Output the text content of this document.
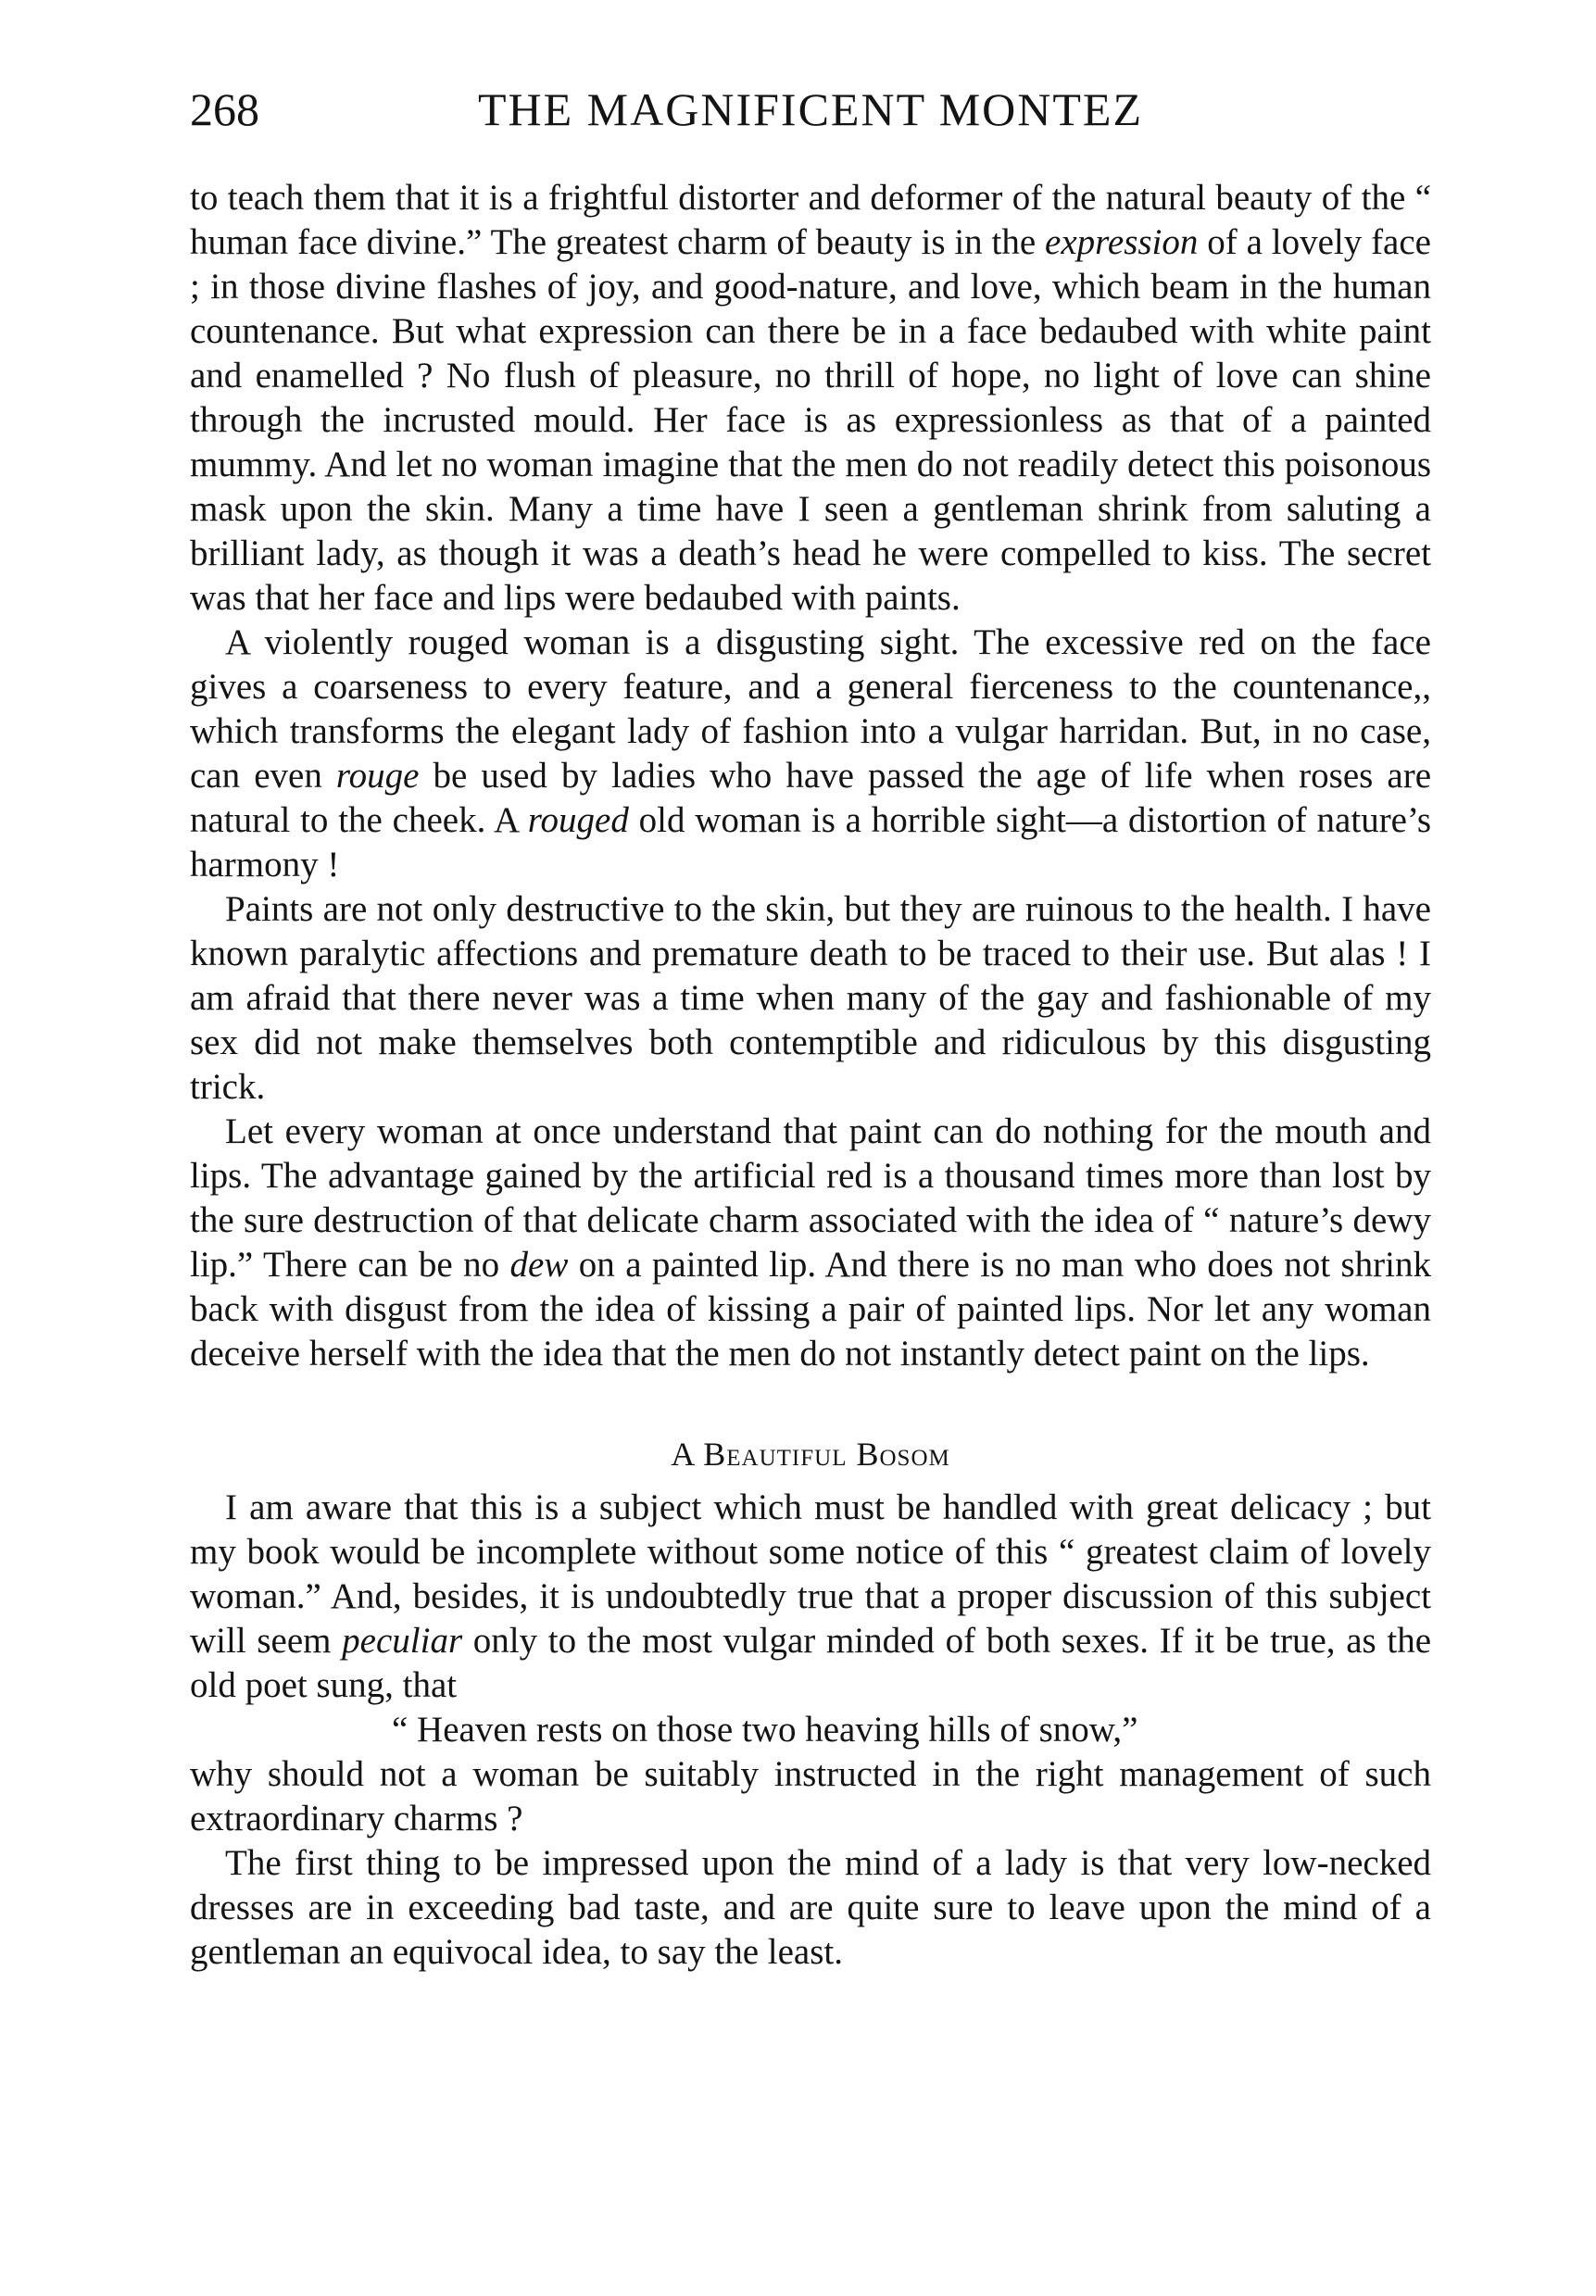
268	THE MAGNIFICENT MONTEZ

to teach them that it is a frightful distorter and deformer of the natural beauty of the “ human face divine.” The greatest charm of beauty is in the expression of a lovely face ; in those divine flashes of joy, and good-nature, and love, which beam in the human countenance. But what expression can there be in a face bedaubed with white paint and enamelled ? No flush of pleasure, no thrill of hope, no light of love can shine through the incrusted mould. Her face is as expressionless as that of a painted mummy. And let no woman imagine that the men do not readily detect this poisonous mask upon the skin. Many a time have I seen a gentleman shrink from saluting a brilliant lady, as though it was a death’s head he were compelled to kiss. The secret was that her face and lips were bedaubed with paints.

A violently rouged woman is a disgusting sight. The excessive red on the face gives a coarseness to every feature, and a general fierceness to the countenance,, which transforms the elegant lady of fashion into a vulgar harridan. But, in no case, can even rouge be used by ladies who have passed the age of life when roses are natural to the cheek. A rouged old woman is a horrible sight—a distortion of nature’s harmony !

Paints are not only destructive to the skin, but they are ruinous to the health. I have known paralytic affections and premature death to be traced to their use. But alas ! I am afraid that there never was a time when many of the gay and fashionable of my sex did not make themselves both contemptible and ridiculous by this disgusting trick.

Let every woman at once understand that paint can do nothing for the mouth and lips. The advantage gained by the artificial red is a thousand times more than lost by the sure destruction of that delicate charm associated with the idea of “ nature’s dewy lip.” There can be no dew on a painted lip. And there is no man who does not shrink back with disgust from the idea of kissing a pair of painted lips. Nor let any woman deceive herself with the idea that the men do not instantly detect paint on the lips.

A Beautiful Bosom

I am aware that this is a subject which must be handled with great delicacy ; but my book would be incomplete without some notice of this “ greatest claim of lovely woman.” And, besides, it is undoubtedly true that a proper discussion of this subject will seem peculiar only to the most vulgar minded of both sexes. If it be true, as the old poet sung, that

“ Heaven rests on those two heaving hills of snow,”

why should not a woman be suitably instructed in the right management of such extraordinary charms ?

The first thing to be impressed upon the mind of a lady is that very low-necked dresses are in exceeding bad taste, and are quite sure to leave upon the mind of a gentleman an equivocal idea, to say the least.
